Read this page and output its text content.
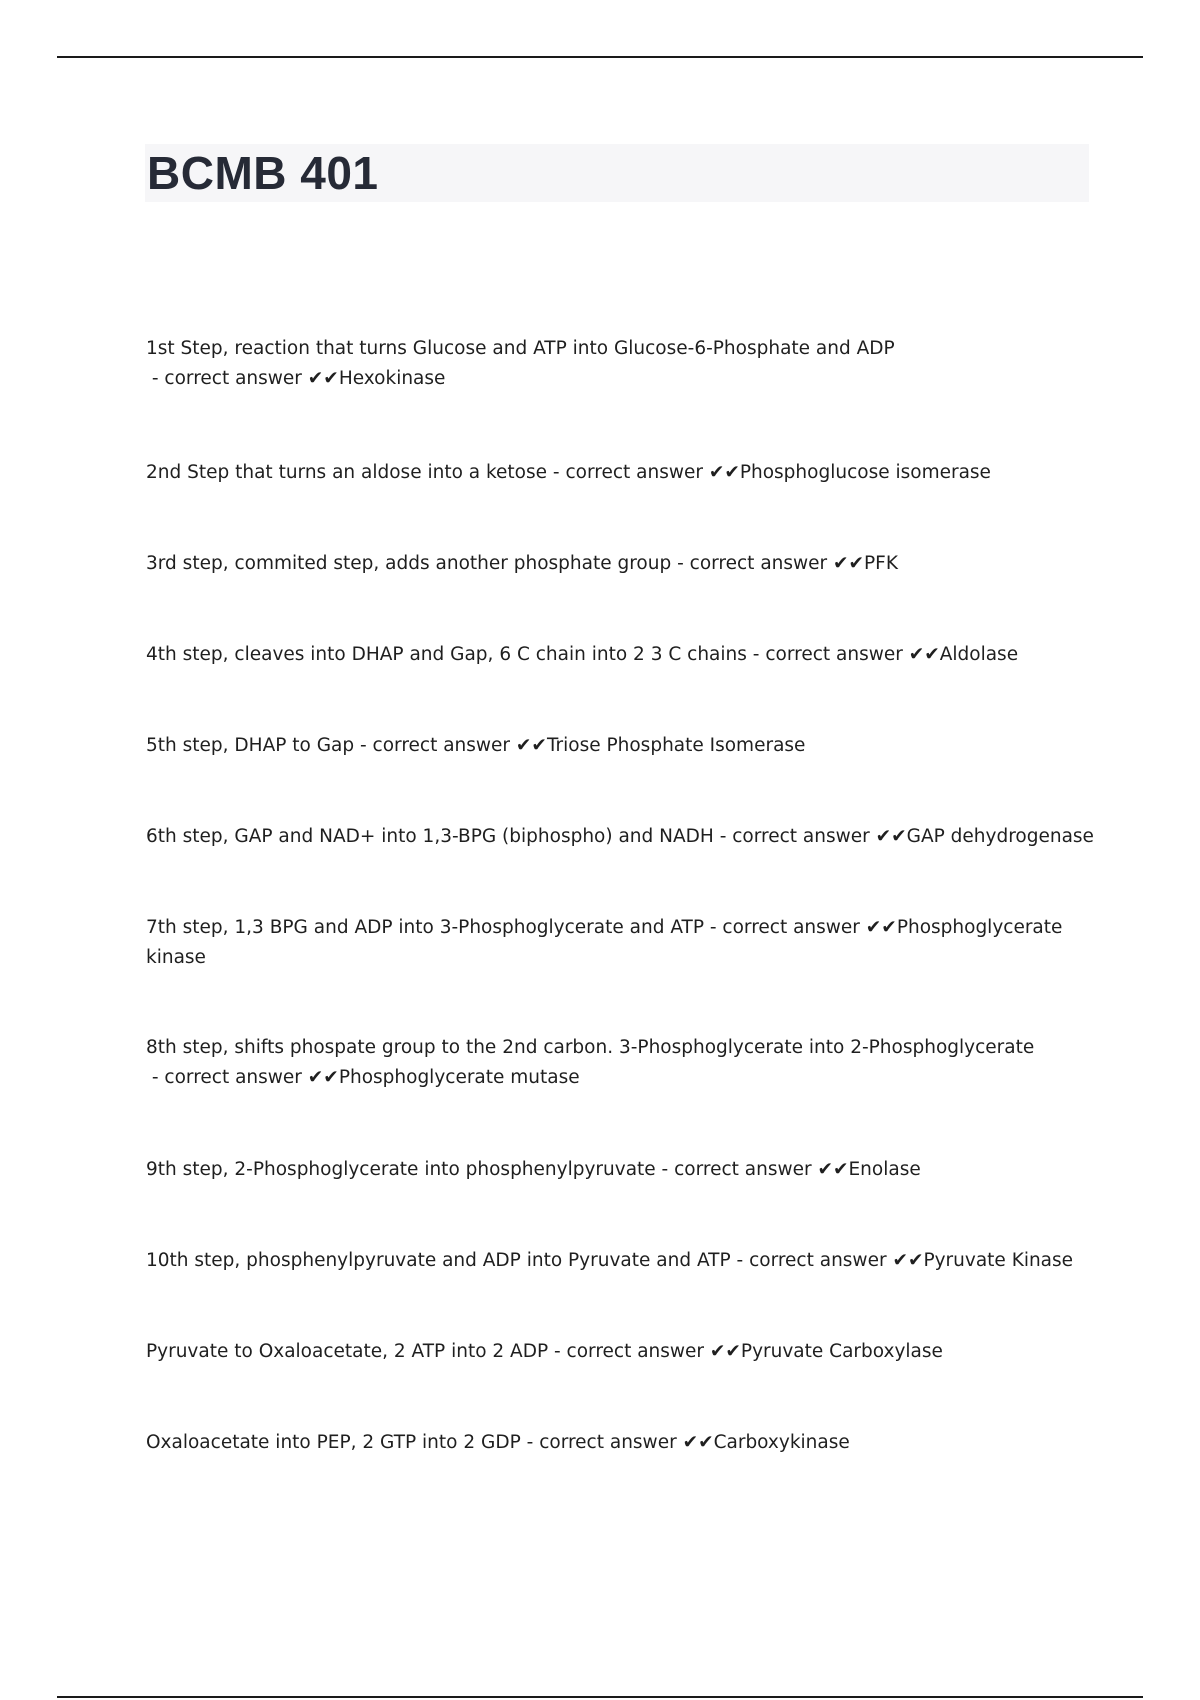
BCMB 401

1st Step, reaction that turns Glucose and ATP into Glucose-6-Phosphate and ADP - correct answer ✔✔Hexokinase

2nd Step that turns an aldose into a ketose - correct answer ✔✔Phosphoglucose isomerase

3rd step, commited step, adds another phosphate group - correct answer ✔✔PFK

4th step, cleaves into DHAP and Gap, 6 C chain into 2 3 C chains - correct answer ✔✔Aldolase

5th step, DHAP to Gap - correct answer ✔✔Triose Phosphate Isomerase

6th step, GAP and NAD+ into 1,3-BPG (biphospho) and NADH - correct answer ✔✔GAP dehydrogenase

7th step, 1,3 BPG and ADP into 3-Phosphoglycerate and ATP - correct answer ✔✔Phosphoglycerate kinase

8th step, shifts phospate group to the 2nd carbon. 3-Phosphoglycerate into 2-Phosphoglycerate - correct answer ✔✔Phosphoglycerate mutase

9th step, 2-Phosphoglycerate into phosphenylpyruvate - correct answer ✔✔Enolase

10th step, phosphenylpyruvate and ADP into Pyruvate and ATP - correct answer ✔✔Pyruvate Kinase

Pyruvate to Oxaloacetate, 2 ATP into 2 ADP - correct answer ✔✔Pyruvate Carboxylase

Oxaloacetate into PEP, 2 GTP into 2 GDP - correct answer ✔✔Carboxykinase
